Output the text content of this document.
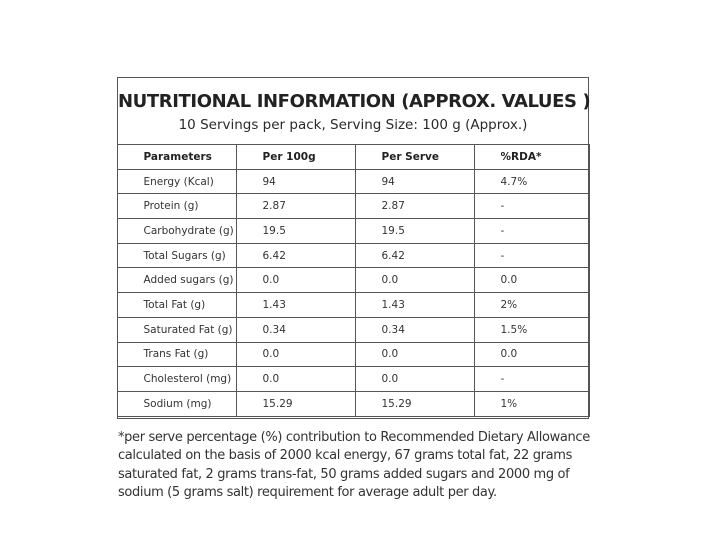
NUTRITIONAL INFORMATION (APPROX. VALUES )
10 Servings per pack, Serving Size: 100 g (Approx.)
Parameters	Per 100g	Per Serve	%RDA*
Energy (Kcal)	94	94	4.7%
Protein (g)	2.87	2.87	-
Carbohydrate (g)	19.5	19.5	-
Total Sugars (g)	6.42	6.42	-
Added sugars (g)	0.0	0.0	0.0
Total Fat (g)	1.43	1.43	2%
Saturated Fat (g)	0.34	0.34	1.5%
Trans Fat (g)	0.0	0.0	0.0
Cholesterol (mg)	0.0	0.0	-
Sodium (mg)	15.29	15.29	1%
*per serve percentage (%) contribution to Recommended Dietary Allowance calculated on the basis of 2000 kcal energy, 67 grams total fat, 22 grams saturated fat, 2 grams trans-fat, 50 grams added sugars and 2000 mg of sodium (5 grams salt) requirement for average adult per day.
